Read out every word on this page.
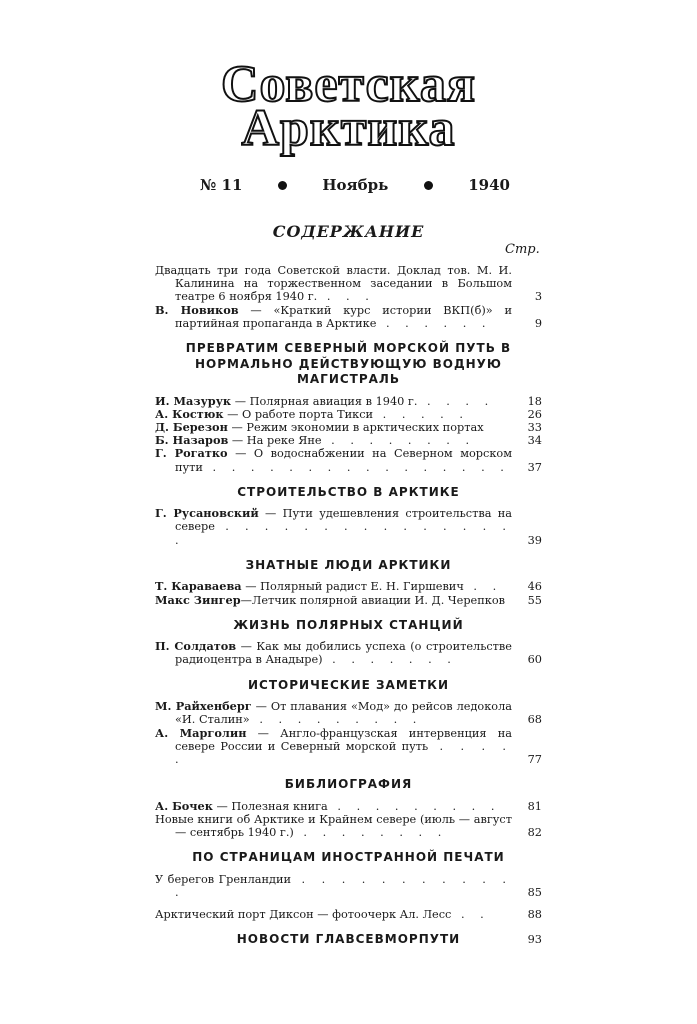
Советская
Арктика
№ 11	Ноябрь	1940
СОДЕРЖАНИЕ
Стр.
Двадцать три года Советской власти. Доклад тов. М. И. Калинина на торжественном заседании в Большом театре 6 ноября 1940 г. . . .	3
В. Новиков — «Краткий курс истории ВКП(б)» и партийная пропаганда в Арктике . . . . . .	9
ПРЕВРАТИМ СЕВЕРНЫЙ МОРСКОЙ ПУТЬ В НОРМАЛЬНО ДЕЙСТВУЮЩУЮ ВОДНУЮ МАГИСТРАЛЬ
И. Мазурук — Полярная авиация в 1940 г. . . . .	18
А. Костюк — О работе порта Тикси . . . . .	26
Д. Березон — Режим экономии в арктических портах	33
Б. Назаров — На реке Яне . . . . . . . .	34
Г. Рогатко — О водоснабжении на Северном морском пути . . . . . . . . . . . . . . . . 37
СТРОИТЕЛЬСТВО В АРКТИКЕ
Г. Русановский — Пути удешевления строительства на севере . . . . . . . . . . . . . . . .	39
ЗНАТНЫЕ ЛЮДИ АРКТИКИ
Т. Караваева — Полярный радист Е. Н. Гиршевич . . 46
Макс Зингер—Летчик полярной авиации И. Д. Черепков 55
ЖИЗНЬ ПОЛЯРНЫХ СТАНЦИЙ
П. Солдатов — Как мы добились успеха (о строительстве радиоцентра в Анадыре) . . . . . . .	60
ИСТОРИЧЕСКИЕ ЗАМЕТКИ
М. Райхенберг — От плавания «Мод» до рейсов ледокола «И. Сталин» . . . . . . . . .	68
А. Марголин — Англо-французская интервенция на севере России и Северный морской путь . . . . .	77
БИБЛИОГРАФИЯ
А. Бочек — Полезная книга . . . . . . . . . 81
Новые книги об Арктике и Крайнем севере (июль — август — сентябрь 1940 г.) . . . . . . . .	82
ПО СТРАНИЦАМ ИНОСТРАННОЙ ПЕЧАТИ
У берегов Гренландии . . . . . . . . . . . .	85
Арктический порт Диксон — фотоочерк Ал. Лесс . .	88
НОВОСТИ ГЛАВСЕВМОРПУТИ	93
